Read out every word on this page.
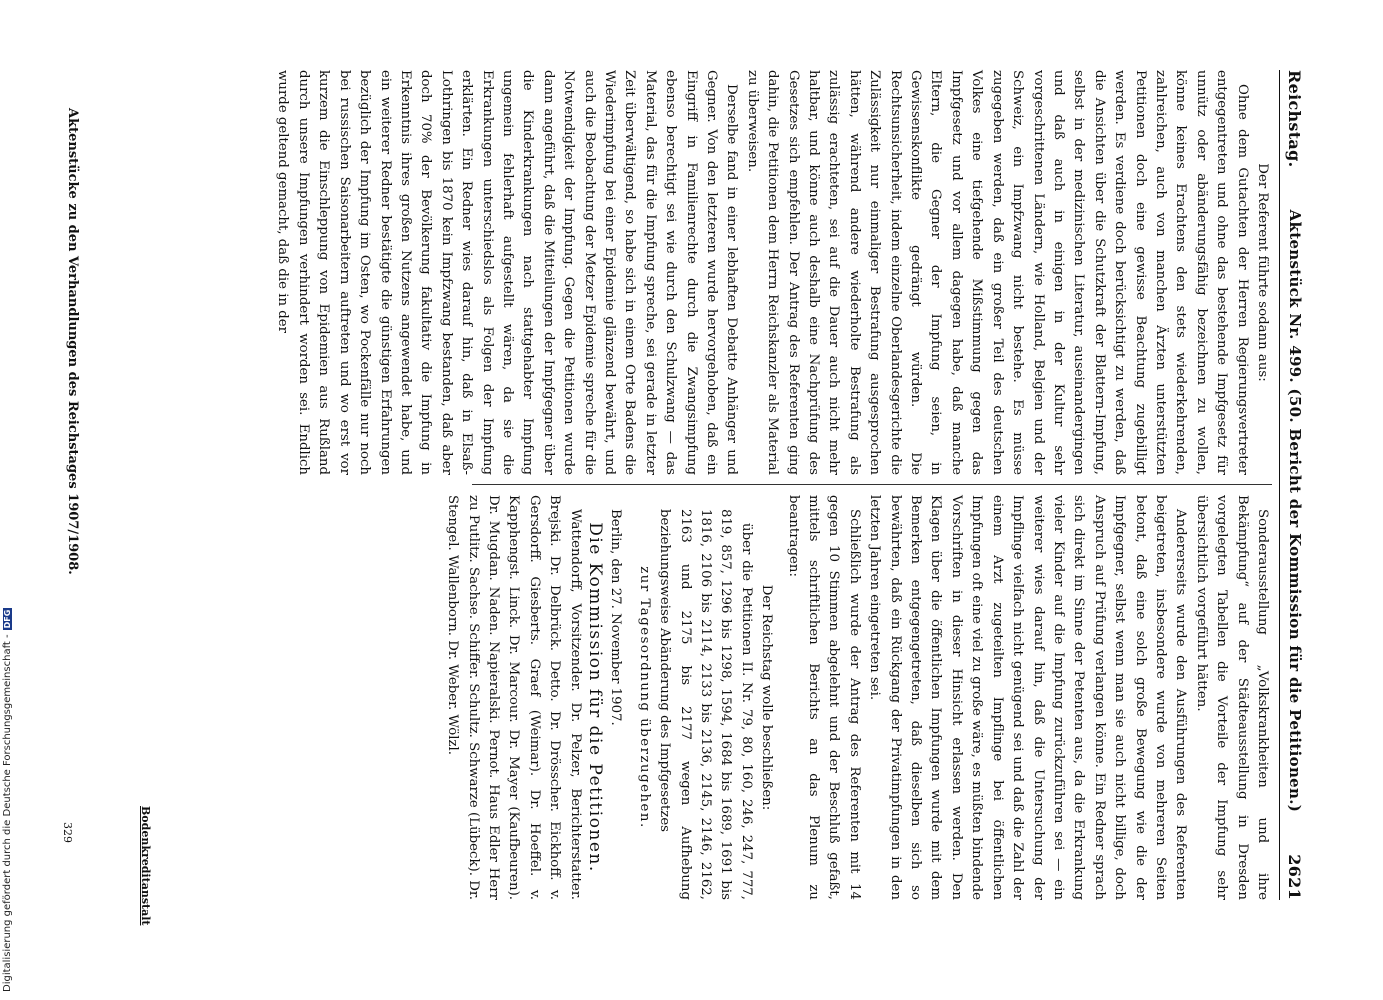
Aktenstücke zu den Verhandlungen des Reichstages 1907/1908.
329	Bodenkreditanstalt
Digitalisierung gefördert durch die Deutsche Forschungsgemeinschaft -DFG
Reichstag.
Aktenstück Nr. 499. (50. Bericht der Kommission für die Petitionen.)
2621

Der Referent führte sodann aus:

Ohne dem Gutachten der Herren Regierungsvertreter entgegentreten und ohne das bestehende Impfgesetz für unnütz oder abänderungsfähig bezeichnen zu wollen, könne keines Erachtens den stets wiederkehrenden, zahlreichen, auch von manchen Ärzten unterstützten Petitionen doch eine gewisse Beachtung zugebilligt werden. Es verdiene doch berücksichtigt zu werden, daß die Ansichten über die Schutzkraft der Blattern-Impfung, selbst in der medizinischen Literatur, auseinandergingen und daß auch in einigen in der Kultur sehr vorgeschrittenen Ländern, wie Holland, Belgien und der Schweiz, ein Impfzwang nicht bestehe. Es müsse zugegeben werden, daß ein großer Teil des deutschen Volkes eine tiefgehende Mißstimmung gegen das Impfgesetz und vor allem dagegen habe, daß manche Eltern, die Gegner der Impfung seien, in Gewissenskonflikte gedrängt würden. Die Rechtsunsicherheit, indem einzelne Oberlandesgerichte die Zulässigkeit nur einmaliger Bestrafung ausgesprochen hätten, während andere wiederholte Bestrafung als zulässig erachteten, sei auf die Dauer auch nicht mehr haltbar, und könne auch deshalb eine Nachprüfung des Gesetzes sich empfehlen. Der Antrag des Referenten ging dahin, die Petitionen dem Herrn Reichskanzler als Material zu überweisen.

Derselbe fand in einer lebhaften Debatte Anhänger und Gegner. Von den letzteren wurde hervorgehoben, daß ein Eingriff in Familienrechte durch die Zwangsimpfung ebenso berechtigt sei wie durch den Schulzwang — das Material, das für die Impfung spreche, sei gerade in letzter Zeit überwältigend, so habe sich in einem Orte Badens die Wiederimpfung bei einer Epidemie glänzend bewährt, und auch die Beobachtung der Metzer Epidemie spreche für die Notwendigkeit der Impfung. Gegen die Petitionen wurde dann angeführt, daß die Mitteilungen der Impfgegner über die Kinderkrankungen nach stattgehabter Impfung ungemein fehlerhaft aufgestellt wären, da sie die Erkrankungen unterschiedslos als Folgen der Impfung erklärten. Ein Redner wies darauf hin, daß in Elsaß-Lothringen bis 1870 kein Impfzwang bestanden, daß aber doch 70% der Bevölkerung fakultativ die Impfung in Erkenntnis ihres großen Nutzens angewendet habe, und ein weiterer Redner bestätigte die günstigen Erfahrungen bezüglich der Impfung im Osten, wo Pockenfälle nur noch bei russischen Saisonarbeitern auftreten und wo erst vor kurzem die Einschleppung von Epidemien aus Rußland durch unsere Impfungen verhindert worden sei. Endlich wurde geltend gemacht, daß die in der

Sonderausstellung „Volkskrankheiten und ihre Bekämpfung“ auf der Städteausstellung in Dresden vorgelegten Tabellen die Vorteile der Impfung sehr übersichtlich vorgeführt hätten.

Andererseits wurde den Ausführungen des Referenten beigetreten, insbesondere wurde von mehreren Seiten betont, daß eine solch große Bewegung wie die der Impfgegner, selbst wenn man sie auch nicht billige, doch Anspruch auf Prüfung verlangen könne. Ein Redner sprach sich direkt im Sinne der Petenten aus, da die Erkrankung vieler Kinder auf die Impfung zurückzuführen sei — ein weiterer wies darauf hin, daß die Untersuchung der Impflinge vielfach nicht genügend sei und daß die Zahl der einem Arzt zugeteilten Impflinge bei öffentlichen Impfungen oft eine viel zu große wäre, es müßten bindende Vorschriften in dieser Hinsicht erlassen werden. Den Klagen über die öffentlichen Impfungen wurde mit dem Bemerken entgegengetreten, daß dieselben sich so bewährten, daß ein Rückgang der Privatimpfungen in den letzten Jahren eingetreten sei.

Schließlich wurde der Antrag des Referenten mit 14 gegen 10 Stimmen abgelehnt und der Beschluß gefaßt, mittels schriftlichen Berichts an das Plenum zu beantragen:

Der Reichstag wolle beschließen:

über die Petitionen II. Nr. 79, 80, 160, 246, 247, 777, 819, 857, 1296 bis 1298, 1594, 1684 bis 1689, 1691 bis 1816, 2106 bis 2114, 2133 bis 2136, 2145, 2146, 2162, 2163 und 2175 bis 2177 wegen Aufhebung beziehungsweise Abänderung des Impfgesetzes

zur Tagesordnung überzugehen.

Berlin, den 27. November 1907.

Die Kommission für die Petitionen.

Wattendorff, Vorsitzender. Dr. Pelzer, Berichterstatter. Brejski. Dr. Delbrück. Detto. Dr. Drösscher. Eickhoff. v. Gersdorff. Giesberts. Graef (Weimar). Dr. Hoeffel. v. Kapphengst. Linck. Dr. Marcour. Dr. Mayer (Kaufbeuren). Dr. Mugdan. Naden. Napieralski. Pernot. Haus Edler Herr zu Putlitz. Sachse. Schiffer. Schultz. Schwarze (Lübeck). Dr. Stengel. Wallenborn. Dr. Weber. Wölzl.
